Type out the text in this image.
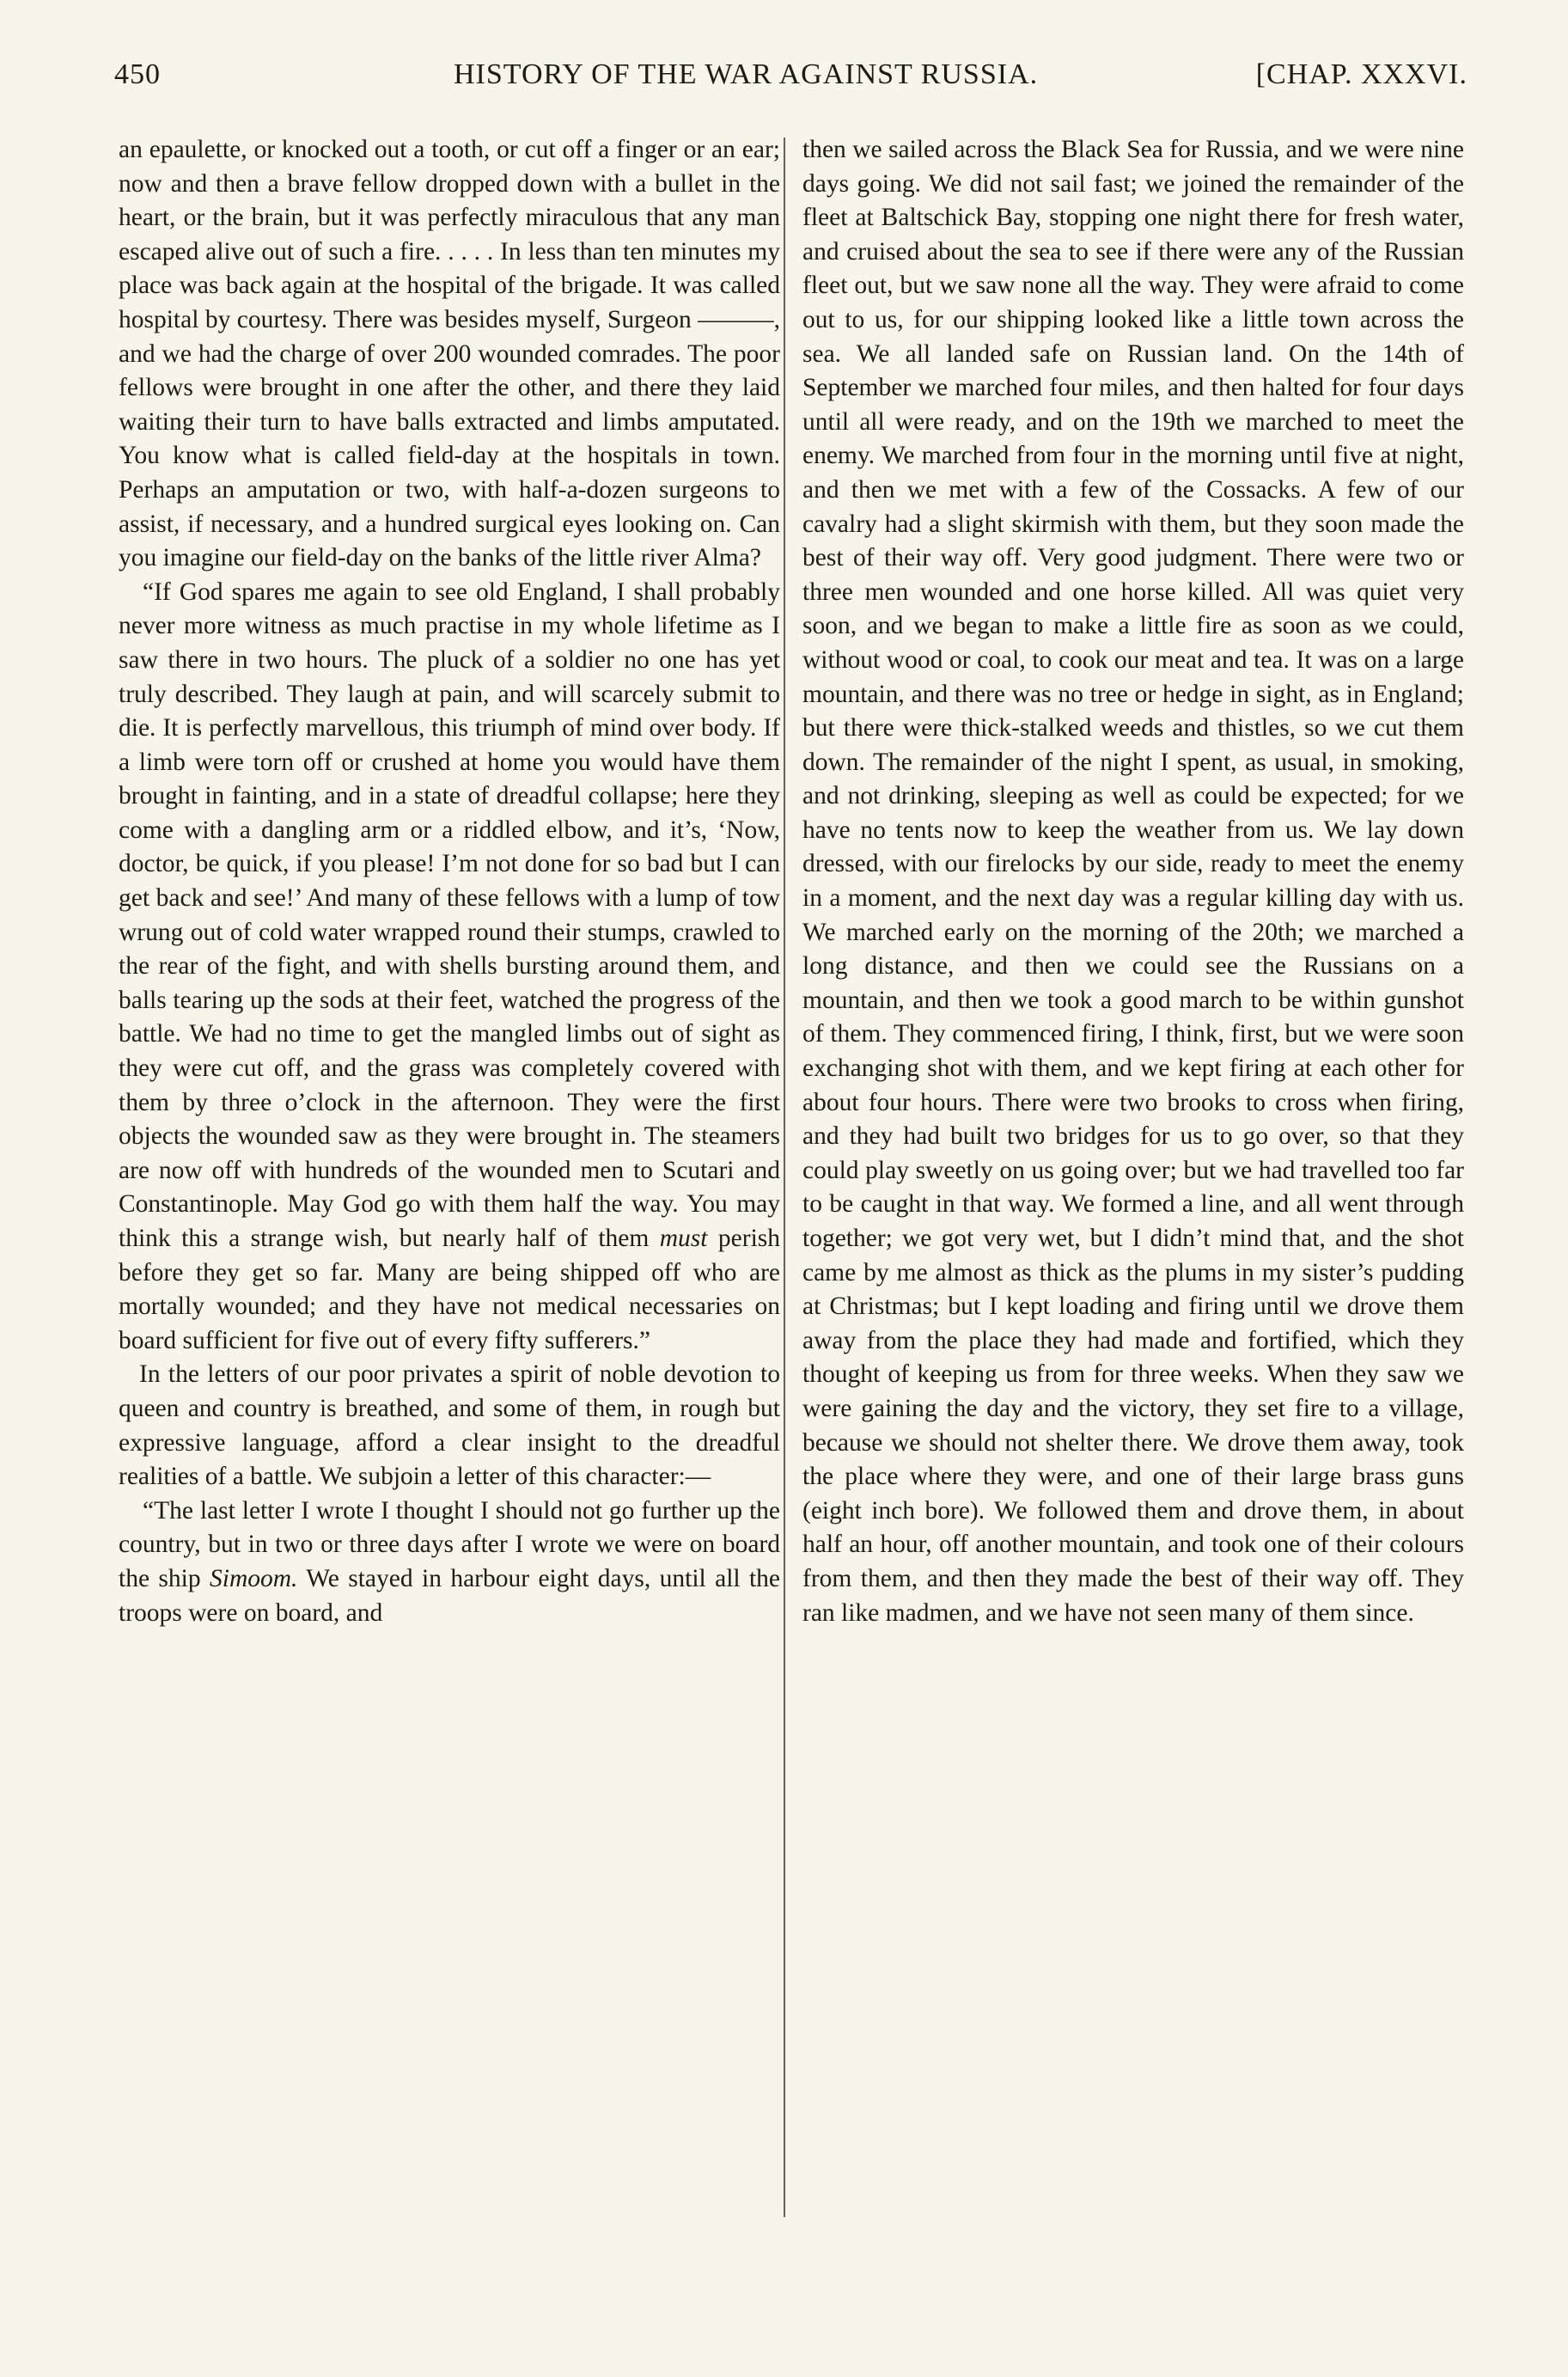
450	HISTORY OF THE WAR AGAINST RUSSIA.	[CHAP. XXXVI.

an epaulette, or knocked out a tooth, or cut off a finger or an ear; now and then a brave fellow dropped down with a bullet in the heart, or the brain, but it was perfectly miraculous that any man escaped alive out of such a fire. . . . . In less than ten minutes my place was back again at the hospital of the brigade. It was called hospital by courtesy. There was besides myself, Surgeon ———, and we had the charge of over 200 wounded comrades. The poor fellows were brought in one after the other, and there they laid waiting their turn to have balls extracted and limbs amputated. You know what is called field-day at the hospitals in town. Perhaps an amputation or two, with half-a-dozen surgeons to assist, if necessary, and a hundred surgical eyes looking on. Can you imagine our field-day on the banks of the little river Alma?

“If God spares me again to see old England, I shall probably never more witness as much practise in my whole lifetime as I saw there in two hours. The pluck of a soldier no one has yet truly described. They laugh at pain, and will scarcely submit to die. It is perfectly marvellous, this triumph of mind over body. If a limb were torn off or crushed at home you would have them brought in fainting, and in a state of dreadful collapse; here they come with a dangling arm or a riddled elbow, and it’s, ‘Now, doctor, be quick, if you please! I’m not done for so bad but I can get back and see!’ And many of these fellows with a lump of tow wrung out of cold water wrapped round their stumps, crawled to the rear of the fight, and with shells bursting around them, and balls tearing up the sods at their feet, watched the progress of the battle. We had no time to get the mangled limbs out of sight as they were cut off, and the grass was completely covered with them by three o’clock in the afternoon. They were the first objects the wounded saw as they were brought in. The steamers are now off with hundreds of the wounded men to Scutari and Constantinople. May God go with them half the way. You may think this a strange wish, but nearly half of them must perish before they get so far. Many are being shipped off who are mortally wounded; and they have not medical necessaries on board sufficient for five out of every fifty sufferers.”

In the letters of our poor privates a spirit of noble devotion to queen and country is breathed, and some of them, in rough but expressive language, afford a clear insight to the dreadful realities of a battle. We subjoin a letter of this character:—

“The last letter I wrote I thought I should not go further up the country, but in two or three days after I wrote we were on board the ship Simoom. We stayed in harbour eight days, until all the troops were on board, and

then we sailed across the Black Sea for Russia, and we were nine days going. We did not sail fast; we joined the remainder of the fleet at Baltschick Bay, stopping one night there for fresh water, and cruised about the sea to see if there were any of the Russian fleet out, but we saw none all the way. They were afraid to come out to us, for our shipping looked like a little town across the sea. We all landed safe on Russian land. On the 14th of September we marched four miles, and then halted for four days until all were ready, and on the 19th we marched to meet the enemy. We marched from four in the morning until five at night, and then we met with a few of the Cossacks. A few of our cavalry had a slight skirmish with them, but they soon made the best of their way off. Very good judgment. There were two or three men wounded and one horse killed. All was quiet very soon, and we began to make a little fire as soon as we could, without wood or coal, to cook our meat and tea. It was on a large mountain, and there was no tree or hedge in sight, as in England; but there were thick-stalked weeds and thistles, so we cut them down. The remainder of the night I spent, as usual, in smoking, and not drinking, sleeping as well as could be expected; for we have no tents now to keep the weather from us. We lay down dressed, with our firelocks by our side, ready to meet the enemy in a moment, and the next day was a regular killing day with us. We marched early on the morning of the 20th; we marched a long distance, and then we could see the Russians on a mountain, and then we took a good march to be within gunshot of them. They commenced firing, I think, first, but we were soon exchanging shot with them, and we kept firing at each other for about four hours. There were two brooks to cross when firing, and they had built two bridges for us to go over, so that they could play sweetly on us going over; but we had travelled too far to be caught in that way. We formed a line, and all went through together; we got very wet, but I didn’t mind that, and the shot came by me almost as thick as the plums in my sister’s pudding at Christmas; but I kept loading and firing until we drove them away from the place they had made and fortified, which they thought of keeping us from for three weeks. When they saw we were gaining the day and the victory, they set fire to a village, because we should not shelter there. We drove them away, took the place where they were, and one of their large brass guns (eight inch bore). We followed them and drove them, in about half an hour, off another mountain, and took one of their colours from them, and then they made the best of their way off. They ran like madmen, and we have not seen many of them since.
